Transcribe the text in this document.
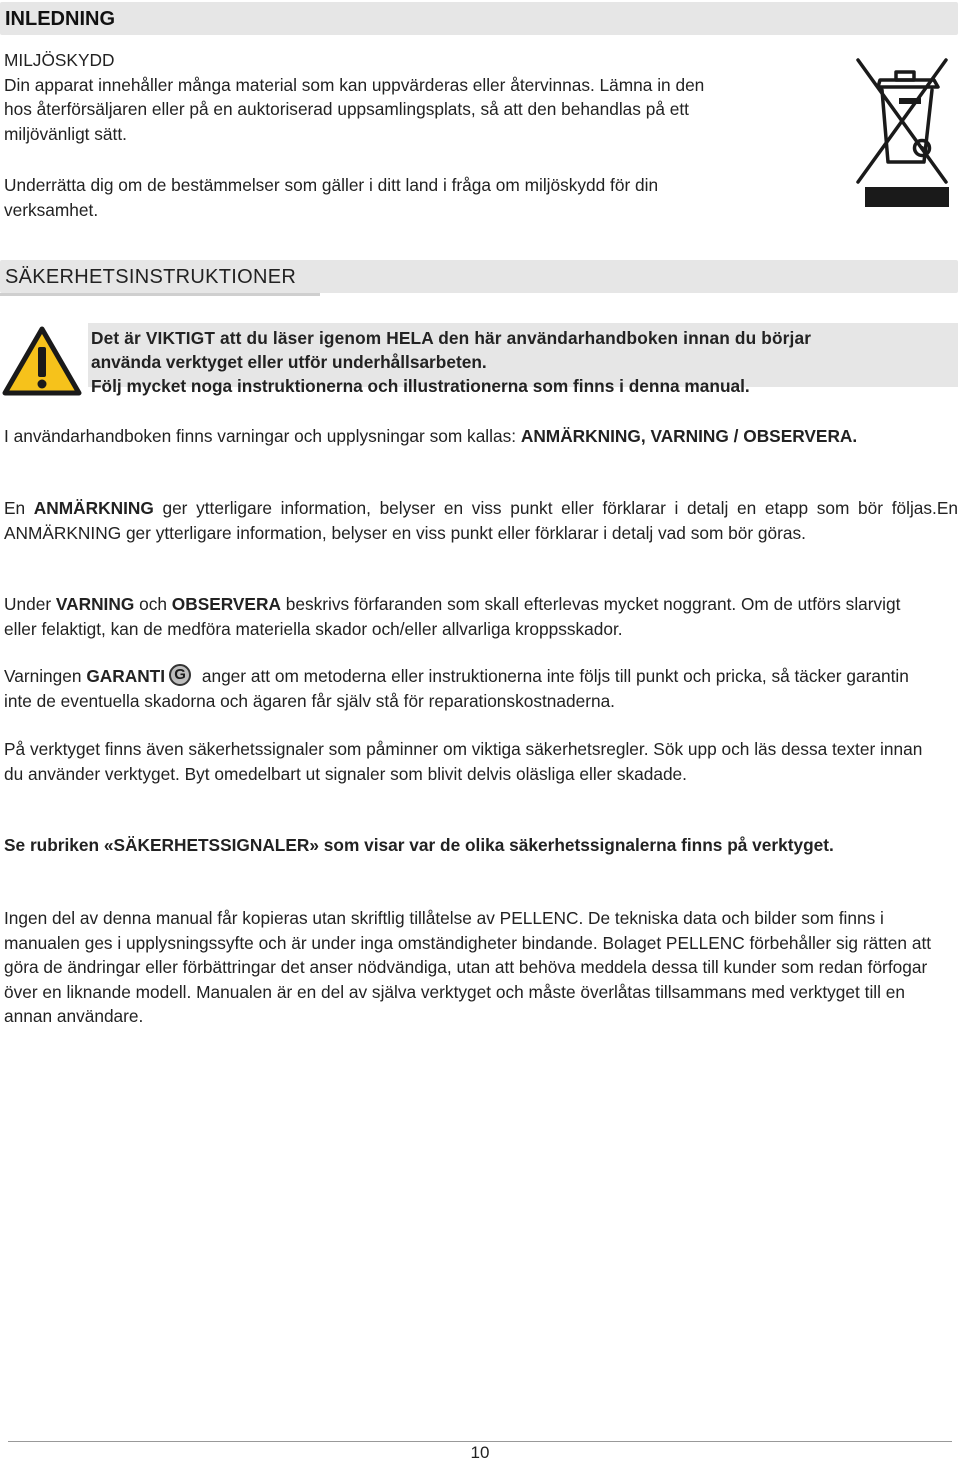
INLEDNING
MILJÖSKYDD
Din apparat innehåller många material som kan uppvärderas eller återvinnas. Lämna in den
hos återförsäljaren eller på en auktoriserad uppsamlingsplats, så att den behandlas på ett
miljövänligt sätt.
Underrätta dig om de bestämmelser som gäller i ditt land i fråga om miljöskydd för din
verksamhet.
SÄKERHETSINSTRUKTIONER
Det är VIKTIGT att du läser igenom HELA den här användarhandboken innan du börjar
använda verktyget eller utför underhållsarbeten.
Följ mycket noga instruktionerna och illustrationerna som finns i denna manual.
I användarhandboken finns varningar och upplysningar som kallas: ANMÄRKNING, VARNING / OBSERVERA.
En ANMÄRKNING ger ytterligare information, belyser en viss punkt eller förklarar i detalj en etapp som bör följas.En ANMÄRKNING ger ytterligare information, belyser en viss punkt eller förklarar i detalj vad som bör göras.
Under VARNING och OBSERVERA beskrivs förfaranden som skall efterlevas mycket noggrant. Om de utförs slarvigt eller felaktigt, kan de medföra materiella skador och/eller allvarliga kroppsskador.
Varningen GARANTI G anger att om metoderna eller instruktionerna inte följs till punkt och pricka, så täcker garantin inte de eventuella skadorna och ägaren får själv stå för reparationskostnaderna.
På verktyget finns även säkerhetssignaler som påminner om viktiga säkerhetsregler. Sök upp och läs dessa texter innan du använder verktyget. Byt omedelbart ut signaler som blivit delvis oläsliga eller skadade.
Se rubriken «SÄKERHETSSIGNALER» som visar var de olika säkerhetssignalerna finns på verktyget.
Ingen del av denna manual får kopieras utan skriftlig tillåtelse av PELLENC. De tekniska data och bilder som finns i manualen ges i upplysningssyfte och är under inga omständigheter bindande. Bolaget PELLENC förbehåller sig rätten att göra de ändringar eller förbättringar det anser nödvändiga, utan att behöva meddela dessa till kunder som redan förfogar över en liknande modell. Manualen är en del av själva verktyget och måste överlåtas tillsammans med verktyget till en annan användare.
10
